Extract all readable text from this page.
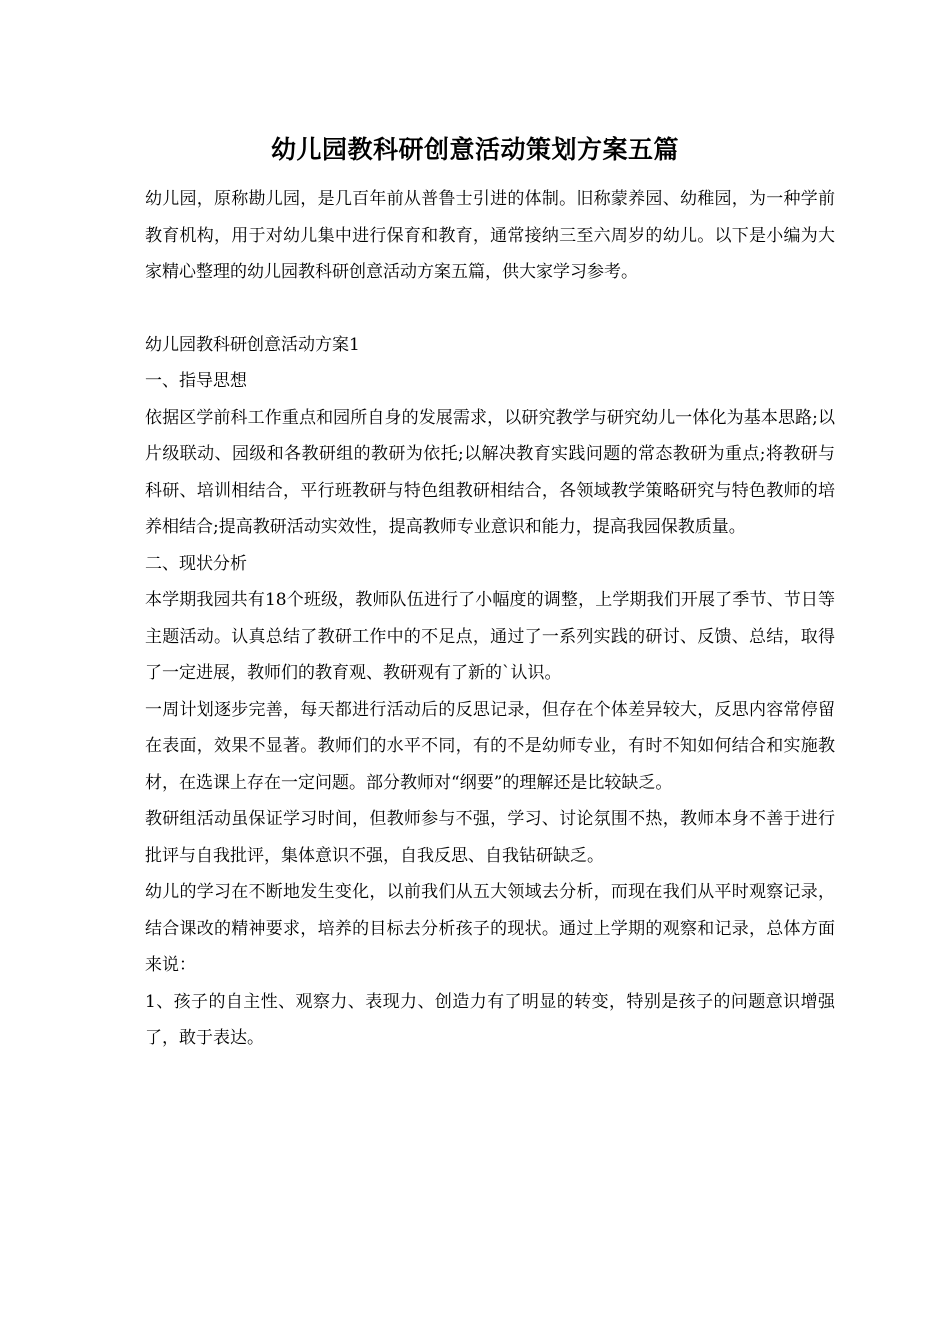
幼儿园教科研创意活动策划方案五篇

幼儿园，原称勘儿园，是几百年前从普鲁士引进的体制。旧称蒙养园、幼稚园，为一种学前教育机构，用于对幼儿集中进行保育和教育，通常接纳三至六周岁的幼儿。以下是小编为大家精心整理的幼儿园教科研创意活动方案五篇，供大家学习参考。

幼儿园教科研创意活动方案1

一、指导思想

依据区学前科工作重点和园所自身的发展需求，以研究教学与研究幼儿一体化为基本思路;以片级联动、园级和各教研组的教研为依托;以解决教育实践问题的常态教研为重点;将教研与科研、培训相结合，平行班教研与特色组教研相结合，各领域教学策略研究与特色教师的培养相结合;提高教研活动实效性，提高教师专业意识和能力，提高我园保教质量。

二、现状分析

本学期我园共有18个班级，教师队伍进行了小幅度的调整，上学期我们开展了季节、节日等主题活动。认真总结了教研工作中的不足点，通过了一系列实践的研讨、反馈、总结，取得了一定进展，教师们的教育观、教研观有了新的`认识。

一周计划逐步完善，每天都进行活动后的反思记录，但存在个体差异较大，反思内容常停留在表面，效果不显著。教师们的水平不同，有的不是幼师专业，有时不知如何结合和实施教材，在选课上存在一定问题。部分教师对“纲要”的理解还是比较缺乏。

教研组活动虽保证学习时间，但教师参与不强，学习、讨论氛围不热，教师本身不善于进行批评与自我批评，集体意识不强，自我反思、自我钻研缺乏。

幼儿的学习在不断地发生变化，以前我们从五大领域去分析，而现在我们从平时观察记录，结合课改的精神要求，培养的目标去分析孩子的现状。通过上学期的观察和记录，总体方面来说：

1、孩子的自主性、观察力、表现力、创造力有了明显的转变，特别是孩子的问题意识增强了，敢于表达。
